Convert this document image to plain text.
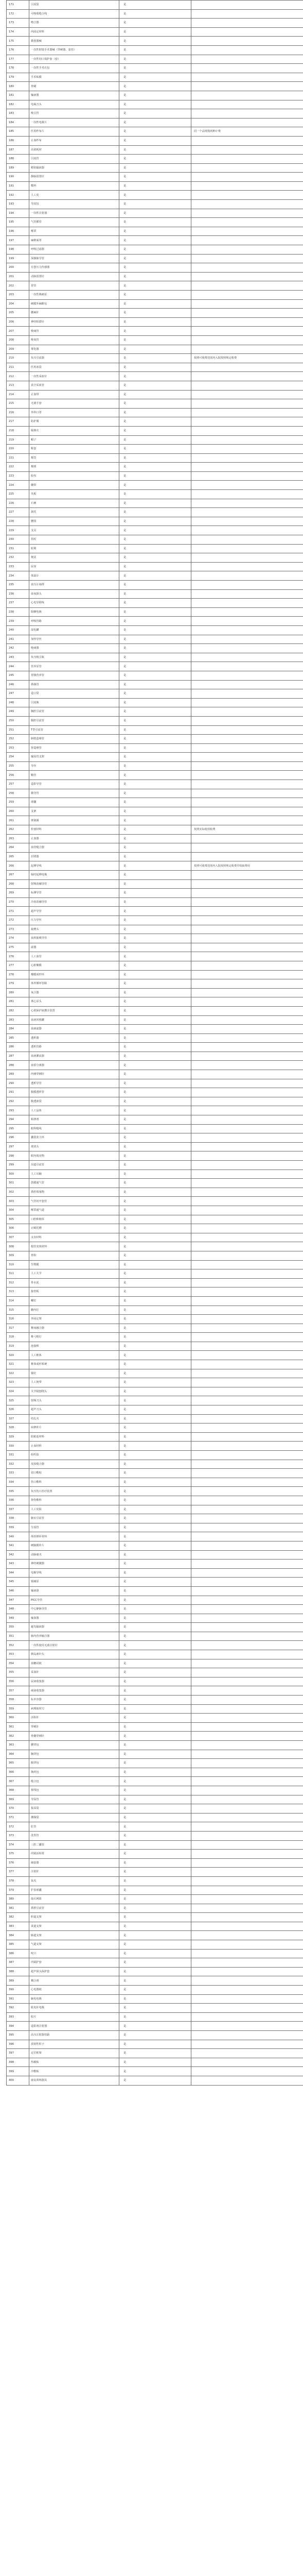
171	引流袋	是	
172	可吸收缝合线	是	
173	吻合器	是	
174	内固定材料	是	
175	微创器械	是	
176	一次性腔镜手术器械（穿刺器、套管）	是	
177	一次性切口保护套（套）	是	
178	一次性手术衣包	是	
179	手术贴膜	是	
180	骨蜡	是	
181	输液器	是	
182	电凝刀头	是	
183	吸引管	是	
184	一次性电极片	是	
185	医用纱布片	是	同一个品规按两种计费
186	止血纱布	是	
187	高值耗材	是	
188	引流管	是	
189	精密输液器	是	
190	静脉留置针	是	
191	敷料	是	
192	人工皮	是	
193	导尿包	是	
194	一次性注射器	是	
195	气管插管	是	
196	喉罩	是	
197	麻醉面罩	是	
198	呼吸过滤器	是	
199	深静脉导管	是	
200	有创压力传感器	是	
201	动脉留置针	是	
202	胃管	是	
203	一次性镇痛泵	是	
204	硬膜外麻醉包	是	
205	腰麻针	是	
206	神经阻滞针	是	
207	吸痰管	是	
208	吸氧管	是	
209	雾化器	是	
210	负压引流器	是	按照可收费范围内入院按照规定收费
211	医用冰袋	是	
212	一次性采血针	是	
213	真空采血管	是	
214	止血带	是	
215	无菌手套	是	
216	外科口罩	是	
217	防护服	是	
218	隔离衣	是	
219	帽子	是	
220	鞋套	是	
221	棉签	是	
222	棉球	是	
223	胶布	是	
224	绷带	是	
225	夹板	是	
226	石膏	是	
227	颈托	是	
228	腰围	是	
229	支具	是	
230	拐杖	是	
231	轮椅	是	
232	便盆	是	
233	尿壶	是	
234	体温计	是	
235	血压计袖带	是	
236	血氧探头	是	
237	心电导联线	是	
238	除颤电极	是	
239	呼吸管路	是	
240	湿化罐	是	
241	加热导丝	是	
242	吸痰器	是	
243	负压吸引瓶	是	
244	营养泵管	是	
245	胃肠营养管	是	
246	鼻肠管	是	
247	造口袋	是	
248	引流瓶	是	
249	胸腔引流管	是	
250	腹腔引流管	是	
251	T型引流管	是	
252	膀胱造瘘管	是	
253	肾造瘘管	是	
254	输尿管支架	是	
255	导丝	是	
256	鞘管	是	
257	造影导管	是	
258	微导管	是	
259	球囊	是	
260	支架	是	
261	弹簧圈	是	
262	栓塞材料	是	按照实际使用收费
263	止血器	是	
264	血管缝合器	是	
265	封堵器	是	
266	起搏导线	是	按照可收费范围内入院按照规定收费并收取费用
267	临时起搏电极	是	
268	射频消融导管	是	
269	标测导管	是	
270	冷冻消融导管	是	
271	超声导管	是	
272	压力导丝	是	
273	旋磨头	是	
274	血栓抽吸导管	是	
275	滤器	是	
276	人工血管	是	
277	心脏瓣膜	是	
278	瓣膜成形环	是	
279	体外循环管路	是	
280	氧合器	是	
281	离心泵头	是	
282	心肌保护液灌注装置	是	
283	血液回收罐	是	
284	血液滤器	是	
285	透析器	是	
286	透析管路	是	
287	血液灌流器	是	
288	血浆分离器	是	
289	内瘘穿刺针	是	
290	透析导管	是	
291	腹膜透析管	是	
292	腹透液袋	是	
293	人工晶体	是	
294	粘弹剂	是	
295	眼科缝线	是	
296	囊袋张力环	是	
297	玻切头	是	
298	眼内填充物	是	
299	泪道引流管	是	
300	人工耳蜗	是	
301	鼓膜通气管	是	
302	鼻腔填塞物	是	
303	气管切开套管	是	
304	喉罩通气道	是	
305	口腔种植体	是	
306	正畸托槽	是	
307	义齿材料	是	
308	根管充填材料	是	
309	骨粉	是	
310	生物膜	是	
311	人工关节	是	
312	骨水泥	是	
313	接骨板	是	
314	螺钉	是	
315	髓内钉	是	
316	外固定架	是	
317	椎间融合器	是	
318	椎弓根钉	是	
319	连接棒	是	
320	人工椎体	是	
321	椎体成形系统	是	
322	锚钉	是	
323	人工韧带	是	
324	关节镜刨削头	是	
325	射频刀头	是	
326	超声刀头	是	
327	结扎夹	是	
328	疝修补片	是	
329	防粘连材料	是	
330	止血材料	是	
331	组织胶	是	
332	皮肤缝合器	是	
333	切口敷贴	是	
334	伤口敷料	是	
335	负压伤口治疗装置	是	
336	烧伤敷料	是	
337	人工皮肤	是	
338	脑室引流管	是	
339	分流管	是	
340	颅骨修补材料	是	
341	硬脑膜补片	是	
342	动脉瘤夹	是	
343	神经刺激器	是	
344	电极导线	是	
345	镇痛泵	是	
346	输液港	是	
347	PICC导管	是	
348	中心静脉导管	是	
349	输血器	是	
350	避光输液器	是	
351	肠内营养输注器	是	
352	一次性使用无菌注射针	是	
353	胰岛素针头	是	
354	血糖试纸	是	
355	采血针	是	
356	尿液收集器	是	
357	痰液收集器	是	
358	标本容器	是	
359	病理取材刀	是	
360	活检针	是	
361	穿刺针	是	
362	骨髓穿刺针	是	
363	腰穿包	是	
364	胸穿包	是	
365	腹穿包	是	
366	换药包	是	
367	缝合包	是	
368	拆线包	是	
369	导尿管	是	
370	集尿袋	是	
371	灌肠袋	是	
372	肛管	是	
373	洗胃管	是	
374	三腔二囊管	是	
375	内镜活检钳	是	
376	圈套器	是	
377	注射针	是	
378	钛夹	是	
379	扩张球囊	是	
380	取石网篮	是	
381	鼻胆引流管	是	
382	胆道支架	是	
383	食道支架	是	
384	肠道支架	是	
385	气道支架	是	
386	咬口	是	
387	内镜护套	是	
388	超声探头保护套	是	
389	耦合剂	是	
390	心电图纸	是	
391	脑电电极	是	
392	肌电针电极	是	
393	胶片	是	
394	造影剂注射器	是	
395	高压注射器管路	是	
396	放射性粒子	是	
397	定位框架	是	
398	热敏贴	是	
399	冷敷贴	是	
400	康复训练器具	是	
